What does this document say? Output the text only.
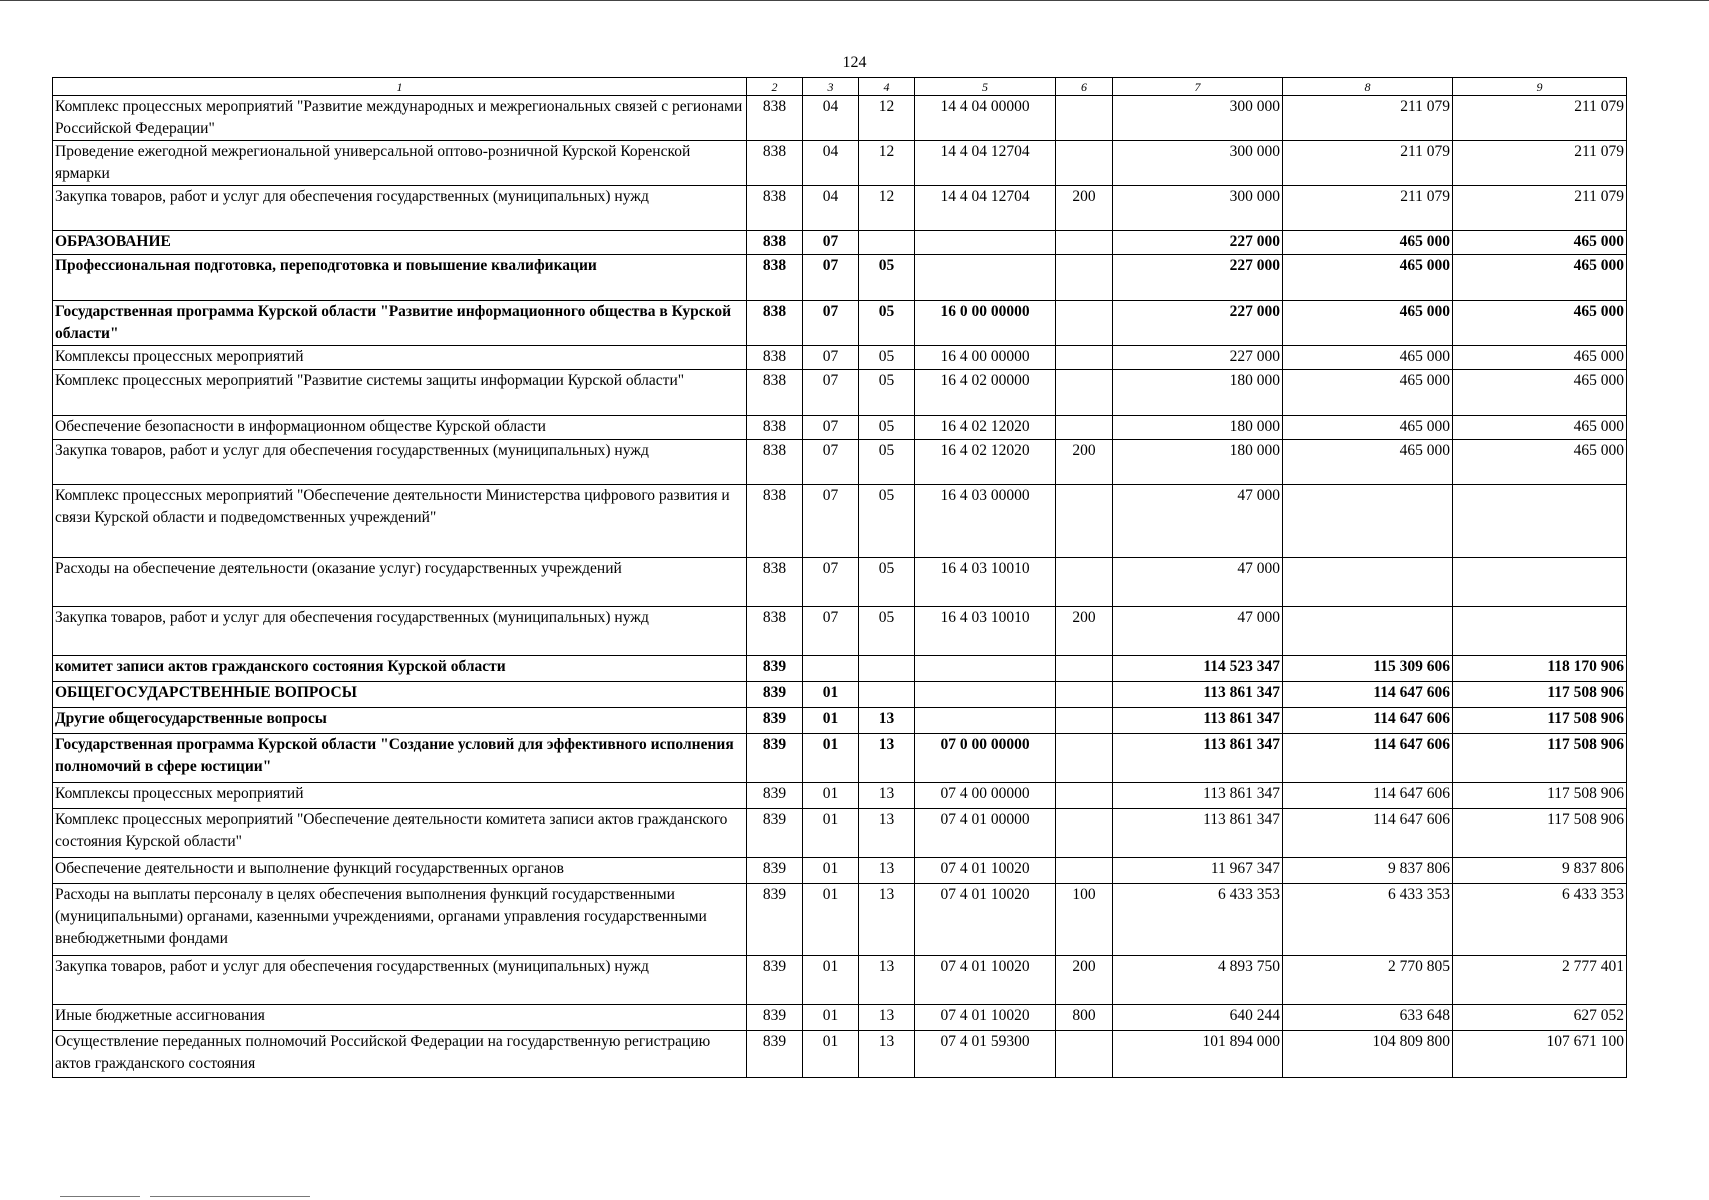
124
1	2	3	4	5	6	7	8	9
Комплекс процессных мероприятий "Развитие международных и межрегиональных связей с регионами Российской Федерации"	838	04	12	14 4 04 00000		300 000	211 079	211 079
Проведение ежегодной межрегиональной универсальной оптово-розничной Курской Коренской ярмарки	838	04	12	14 4 04 12704		300 000	211 079	211 079
Закупка товаров, работ и услуг для обеспечения государственных (муниципальных) нужд	838	04	12	14 4 04 12704	200	300 000	211 079	211 079
ОБРАЗОВАНИЕ	838	07				227 000	465 000	465 000
Профессиональная подготовка, переподготовка и повышение квалификации	838	07	05			227 000	465 000	465 000
Государственная программа Курской области "Развитие информационного общества в Курской области"	838	07	05	16 0 00 00000		227 000	465 000	465 000
Комплексы процессных мероприятий	838	07	05	16 4 00 00000		227 000	465 000	465 000
Комплекс процессных мероприятий "Развитие системы защиты информации Курской области"	838	07	05	16 4 02 00000		180 000	465 000	465 000
Обеспечение безопасности в информационном обществе Курской области	838	07	05	16 4 02 12020		180 000	465 000	465 000
Закупка товаров, работ и услуг для обеспечения государственных (муниципальных) нужд	838	07	05	16 4 02 12020	200	180 000	465 000	465 000
Комплекс процессных мероприятий "Обеспечение деятельности Министерства цифрового развития и связи Курской области и подведомственных учреждений"	838	07	05	16 4 03 00000		47 000		
Расходы на обеспечение деятельности (оказание услуг) государственных учреждений	838	07	05	16 4 03 10010		47 000		
Закупка товаров, работ и услуг для обеспечения государственных (муниципальных) нужд	838	07	05	16 4 03 10010	200	47 000		
комитет записи актов гражданского состояния Курской области	839					114 523 347	115 309 606	118 170 906
ОБЩЕГОСУДАРСТВЕННЫЕ ВОПРОСЫ	839	01				113 861 347	114 647 606	117 508 906
Другие общегосударственные вопросы	839	01	13			113 861 347	114 647 606	117 508 906
Государственная программа Курской области "Создание условий для эффективного исполнения полномочий в сфере юстиции"	839	01	13	07 0 00 00000		113 861 347	114 647 606	117 508 906
Комплексы процессных мероприятий	839	01	13	07 4 00 00000		113 861 347	114 647 606	117 508 906
Комплекс процессных мероприятий "Обеспечение деятельности комитета записи актов гражданского состояния Курской области"	839	01	13	07 4 01 00000		113 861 347	114 647 606	117 508 906
Обеспечение деятельности и выполнение функций государственных органов	839	01	13	07 4 01 10020		11 967 347	9 837 806	9 837 806
Расходы на выплаты персоналу в целях обеспечения выполнения функций государственными (муниципальными) органами, казенными учреждениями, органами управления государственными внебюджетными фондами	839	01	13	07 4 01 10020	100	6 433 353	6 433 353	6 433 353
Закупка товаров, работ и услуг для обеспечения государственных (муниципальных) нужд	839	01	13	07 4 01 10020	200	4 893 750	2 770 805	2 777 401
Иные бюджетные ассигнования	839	01	13	07 4 01 10020	800	640 244	633 648	627 052
Осуществление переданных полномочий Российской Федерации на государственную регистрацию актов гражданского состояния	839	01	13	07 4 01 59300		101 894 000	104 809 800	107 671 100
